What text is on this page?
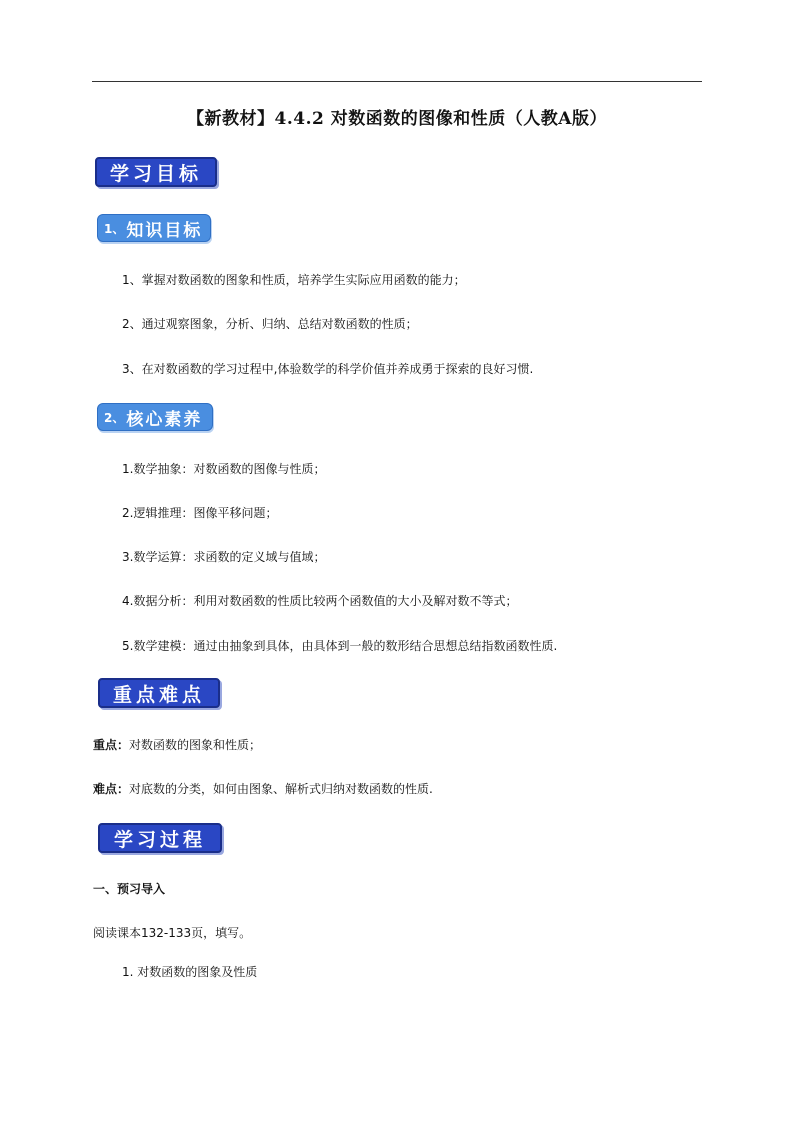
【新教材】4.4.2 对数函数的图像和性质（人教A版）
学习目标
1、 知识目标
1、掌握对数函数的图象和性质，培养学生实际应用函数的能力；
2、通过观察图象，分析、归纳、总结对数函数的性质；
3、在对数函数的学习过程中,体验数学的科学价值并养成勇于探索的良好习惯.
2、 核心素养
1.数学抽象：对数函数的图像与性质；
2.逻辑推理：图像平移问题；
3.数学运算：求函数的定义域与值域；
4.数据分析：利用对数函数的性质比较两个函数值的大小及解对数不等式；
5.数学建模：通过由抽象到具体，由具体到一般的数形结合思想总结指数函数性质.
重点难点
重点：对数函数的图象和性质；
难点：对底数的分类，如何由图象、解析式归纳对数函数的性质.
学习过程
一、预习导入
阅读课本132-133页，填写。
1. 对数函数的图象及性质
